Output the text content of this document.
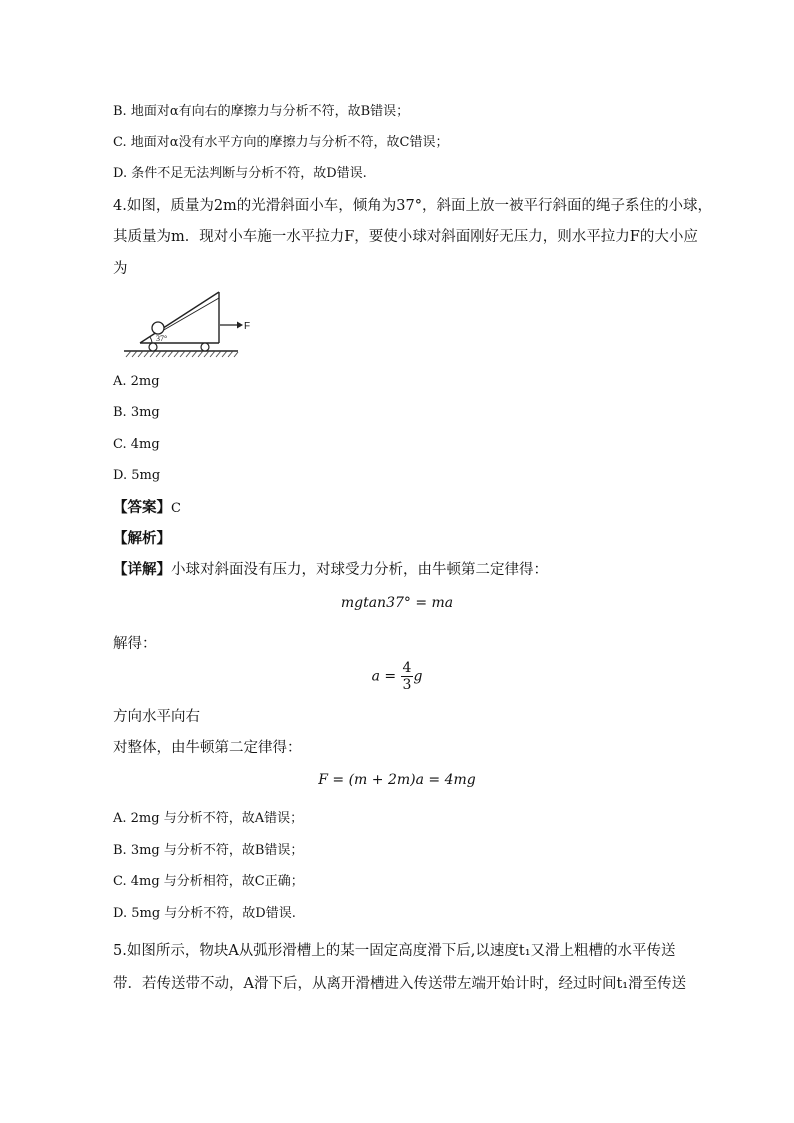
B. 地面对α有向右的摩擦力与分析不符，故B错误；
C. 地面对α没有水平方向的摩擦力与分析不符，故C错误；
D. 条件不足无法判断与分析不符，故D错误.
4.如图，质量为2m的光滑斜面小车，倾角为37°，斜面上放一被平行斜面的绳子系住的小球，
其质量为m．现对小车施一水平拉力F，要使小球对斜面刚好无压力，则水平拉力F的大小应
为
37°
F
A. 2mg
B. 3mg
C. 4mg
D. 5mg
【答案】C
【解析】
【详解】小球对斜面没有压力，对球受力分析，由牛顿第二定律得：
mgtan37° = ma
解得：
$a = \frac{4}{3}$ g
方向水平向右
对整体，由牛顿第二定律得：
F = (m + 2m)a = 4mg
A. 2mg 与分析不符，故A错误；
B. 3mg 与分析不符，故B错误；
C. 4mg 与分析相符，故C正确；
D. 5mg 与分析不符，故D错误.
5.如图所示，物块A从弧形滑槽上的某一固定高度滑下后,以速度t₁又滑上粗槽的水平传送
带．若传送带不动，A滑下后，从离开滑槽进入传送带左端开始计时，经过时间t₁滑至传送
